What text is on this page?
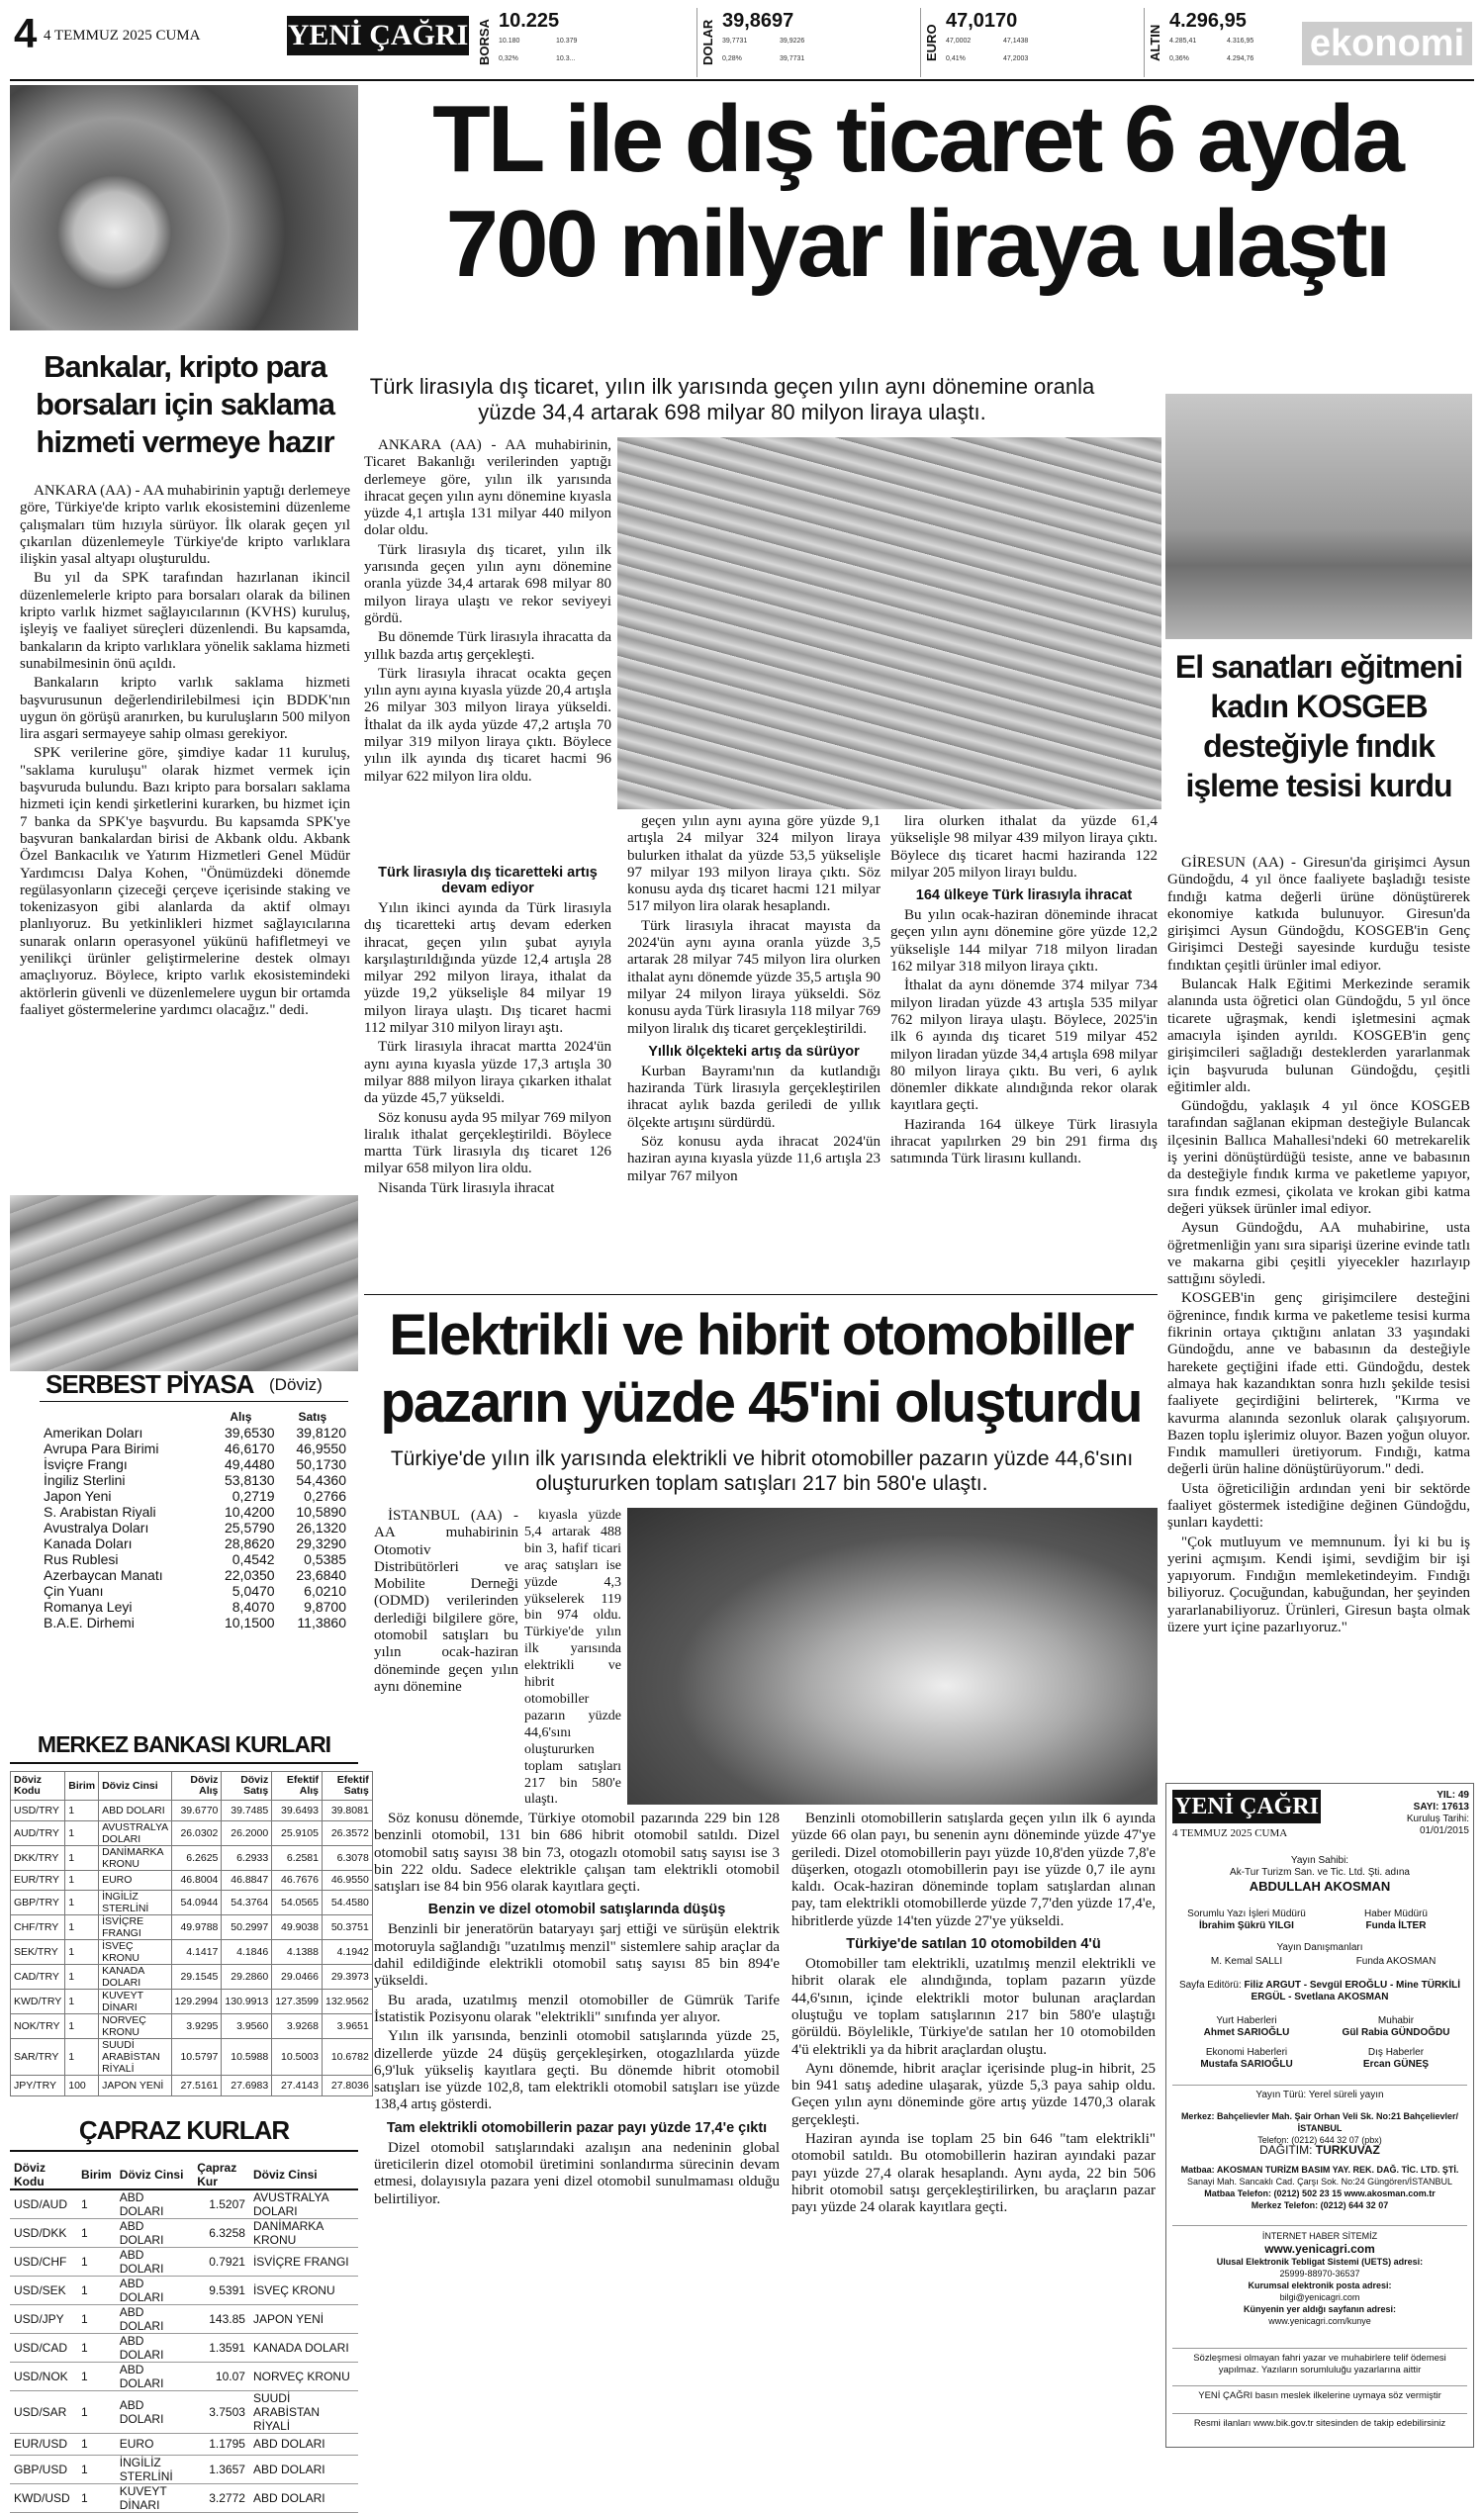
4 4 TEMMUZ 2025 CUMA	YENİ ÇAĞRI BORSA 10.225
10.180	10.379
0,32%	10.3...	DOLAR 39,8697
39,7731	39,9226
0,28%	39,7731	EURO
47,0170
47,0002	47,1438
0,41%	47,2003	ALTIN
4.296,95
4.285,41	4.316,95
0,36%	4.294,76 ekonomi
Bankalar, kripto para borsaları için saklama hizmeti vermeye hazır

ANKARA (AA) - AA muhabirinin yaptığı derlemeye göre, Türkiye'de kripto varlık ekosistemini düzenleme çalışmaları tüm hızıyla sürüyor. İlk olarak geçen yıl çıkarılan düzenlemeyle Türkiye'de kripto varlıklara ilişkin yasal altyapı oluşturuldu.

Bu yıl da SPK tarafından hazırlanan ikincil düzenlemelerle kripto para borsaları olarak da bilinen kripto varlık hizmet sağlayıcılarının (KVHS) kuruluş, işleyiş ve faaliyet süreçleri düzenlendi. Bu kapsamda, bankaların da kripto varlıklara yönelik saklama hizmeti sunabilmesinin önü açıldı.

Bankaların kripto varlık saklama hizmeti başvurusunun değerlendirilebilmesi için BDDK'nın uygun ön görüşü aranırken, bu kuruluşların 500 milyon lira asgari sermayeye sahip olması gerekiyor.

SPK verilerine göre, şimdiye kadar 11 kuruluş, "saklama kuruluşu" olarak hizmet vermek için başvuruda bulundu. Bazı kripto para borsaları saklama hizmeti için kendi şirketlerini kurarken, bu hizmet için 7 banka da SPK'ye başvurdu. Bu kapsamda SPK'ye başvuran bankalardan birisi de Akbank oldu. Akbank Özel Bankacılık ve Yatırım Hizmetleri Genel Müdür Yardımcısı Dalya Kohen, "Önümüzdeki dönemde regülasyonların çizeceği çerçeve içerisinde staking ve tokenizasyon gibi alanlarda da aktif olmayı planlıyoruz. Bu yetkinlikleri hizmet sağlayıcılarına sunarak onların operasyonel yükünü hafifletmeyi ve yenilikçi ürünler geliştirmelerine destek olmayı amaçlıyoruz. Böylece, kripto varlık ekosistemindeki aktörlerin güvenli ve düzenlemelere uygun bir ortamda faaliyet göstermelerine yardımcı olacağız." dedi.

SERBEST PİYASA (Döviz)
	Alış	Satış
Amerikan Doları	39,6530	39,8120
Avrupa Para Birimi	46,6170	46,9550
İsviçre Frangı	49,4480	50,1730
İngiliz Sterlini	53,8130	54,4360
Japon Yeni	0,2719	0,2766
S. Arabistan Riyali	10,4200	10,5890
Avustralya Doları	25,5790	26,1320
Kanada Doları	28,8620	29,3290
Rus Rublesi	0,4542	0,5385
Azerbaycan Manatı	22,0350	23,6840
Çin Yuanı	5,0470	6,0210
Romanya Leyi	8,4070	9,8700
B.A.E. Dirhemi	10,1500	11,3860
TL ile dış ticaret 6 ayda
700 milyar liraya ulaştı
Türk lirasıyla dış ticaret, yılın ilk yarısında geçen yılın aynı dönemine oranla yüzde 34,4 artarak 698 milyar 80 milyon liraya ulaştı.

ANKARA (AA) - AA muhabirinin, Ticaret Bakanlığı verilerinden yaptığı derlemeye göre, yılın ilk yarısında ihracat geçen yılın aynı dönemine kıyasla yüzde 4,1 artışla 131 milyar 440 milyon dolar oldu.

Türk lirasıyla dış ticaret, yılın ilk yarısında geçen yılın aynı dönemine oranla yüzde 34,4 artarak 698 milyar 80 milyon liraya ulaştı ve rekor seviyeyi gördü.

Bu dönemde Türk lirasıyla ihracatta da yıllık bazda artış gerçekleşti.

Türk lirasıyla ihracat ocakta geçen yılın aynı ayına kıyasla yüzde 20,4 artışla 26 milyar 303 milyon liraya yükseldi. İthalat da ilk ayda yüzde 47,2 artışla 70 milyar 319 milyon liraya çıktı. Böylece yılın ilk ayında dış ticaret hacmi 96 milyar 622 milyon lira oldu.

Türk lirasıyla dış ticaretteki artış devam ediyor

Yılın ikinci ayında da Türk lirasıyla dış ticaretteki artış devam ederken ihracat, geçen yılın şubat ayıyla karşılaştırıldığında yüzde 12,4 artışla 28 milyar 292 milyon liraya, ithalat da yüzde 19,2 yükselişle 84 milyar 19 milyon liraya ulaştı. Dış ticaret hacmi 112 milyar 310 milyon lirayı aştı.

Türk lirasıyla ihracat martta 2024'ün aynı ayına kıyasla yüzde 17,3 artışla 30 milyar 888 milyon liraya çıkarken ithalat da yüzde 45,7 yükseldi.

Söz konusu ayda 95 milyar 769 milyon liralık ithalat gerçekleştirildi. Böylece martta Türk lirasıyla dış ticaret 126 milyar 658 milyon lira oldu.

Nisanda Türk lirasıyla ihracat

geçen yılın aynı ayına göre yüzde 9,1 artışla 24 milyar 324 milyon liraya bulurken ithalat da yüzde 53,5 yükselişle 97 milyar 193 milyon liraya çıktı. Söz konusu ayda dış ticaret hacmi 121 milyar 517 milyon lira olarak hesaplandı.

Türk lirasıyla ihracat mayısta da 2024'ün aynı ayına oranla yüzde 3,5 artarak 28 milyar 745 milyon lira olurken ithalat aynı dönemde yüzde 35,5 artışla 90 milyar 24 milyon liraya yükseldi. Söz konusu ayda Türk lirasıyla 118 milyar 769 milyon liralık dış ticaret gerçekleştirildi.

Yıllık ölçekteki artış da sürüyor

Kurban Bayramı'nın da kutlandığı haziranda Türk lirasıyla gerçekleştirilen ihracat aylık bazda geriledi de yıllık ölçekte artışını sürdürdü.

Söz konusu ayda ihracat 2024'ün haziran ayına kıyasla yüzde 11,6 artışla 23 milyar 767 milyon

lira olurken ithalat da yüzde 61,4 yükselişle 98 milyar 439 milyon liraya çıktı. Böylece dış ticaret hacmi haziranda 122 milyar 205 milyon lirayı buldu.

164 ülkeye Türk lirasıyla ihracat

Bu yılın ocak-haziran döneminde ihracat geçen yılın aynı dönemine göre yüzde 12,2 yükselişle 144 milyar 718 milyon liradan 162 milyar 318 milyon liraya çıktı.

İthalat da aynı dönemde 374 milyar 734 milyon liradan yüzde 43 artışla 535 milyar 762 milyon liraya ulaştı. Böylece, 2025'in ilk 6 ayında dış ticaret 519 milyar 452 milyon liradan yüzde 34,4 artışla 698 milyar 80 milyon liraya çıktı. Bu veri, 6 aylık dönemler dikkate alındığında rekor olarak kayıtlara geçti.

Haziranda 164 ülkeye Türk lirasıyla ihracat yapılırken 29 bin 291 firma dış satımında Türk lirasını kullandı.

El sanatları eğitmeni kadın KOSGEB desteğiyle fındık işleme tesisi kurdu

GİRESUN (AA) - Giresun'da girişimci Aysun Gündoğdu, 4 yıl önce faaliyete başladığı tesiste fındığı katma değerli ürüne dönüştürerek ekonomiye katkıda bulunuyor. Giresun'da girişimci Aysun Gündoğdu, KOSGEB'in Genç Girişimci Desteği sayesinde kurduğu tesiste fındıktan çeşitli ürünler imal ediyor.

Bulancak Halk Eğitimi Merkezinde seramik alanında usta öğretici olan Gündoğdu, 5 yıl önce ticarete uğraşmak, kendi işletmesini açmak amacıyla işinden ayrıldı. KOSGEB'in genç girişimcileri sağladığı desteklerden yararlanmak için başvuruda bulunan Gündoğdu, çeşitli eğitimler aldı.

Gündoğdu, yaklaşık 4 yıl önce KOSGEB tarafından sağlanan ekipman desteğiyle Bulancak ilçesinin Ballıca Mahallesi'ndeki 60 metrekarelik iş yerini dönüştürdüğü tesiste, anne ve babasının da desteğiyle fındık kırma ve paketleme yapıyor, sıra fındık ezmesi, çikolata ve krokan gibi katma değeri yüksek ürünler imal ediyor.

Aysun Gündoğdu, AA muhabirine, usta öğretmenliğin yanı sıra siparişi üzerine evinde tatlı ve makarna gibi çeşitli yiyecekler hazırlayıp sattığını söyledi.

KOSGEB'in genç girişimcilere desteğini öğrenince, fındık kırma ve paketleme tesisi kurma fikrinin ortaya çıktığını anlatan 33 yaşındaki Gündoğdu, anne ve babasının da desteğiyle harekete geçtiğini ifade etti. Gündoğdu, destek almaya hak kazandıktan sonra hızlı şekilde tesisi faaliyete geçirdiğini belirterek, "Kırma ve kavurma alanında sezonluk olarak çalışıyorum. Bazen toplu işlerimiz oluyor. Bazen yoğun oluyor. Fındık mamulleri üretiyorum. Fındığı, katma değerli ürün haline dönüştürüyorum." dedi.

Usta öğreticiliğin ardından yeni bir sektörde faaliyet göstermek istediğine değinen Gündoğdu, şunları kaydetti:

"Çok mutluyum ve memnunum. İyi ki bu iş yerini açmışım. Kendi işimi, sevdiğim bir işi yapıyorum. Fındığın memleketindeyim. Fındığı biliyoruz. Çocuğundan, kabuğundan, her şeyinden yararlanabiliyoruz. Ürünleri, Giresun başta olmak üzere yurt içine pazarlıyoruz."

Elektrikli ve hibrit otomobiller
pazarın yüzde 45'ini oluşturdu
Türkiye'de yılın ilk yarısında elektrikli ve hibrit otomobiller pazarın yüzde 44,6'sını oluştururken toplam satışları 217 bin 580'e ulaştı.

İSTANBUL (AA) - AA muhabirinin Otomotiv Distribütörleri ve Mobilite Derneği (ODMD) verilerinden derlediği bilgilere göre, otomobil satışları bu yılın ocak-haziran döneminde geçen yılın aynı dönemine

kıyasla yüzde 5,4 artarak 488 bin 3, hafif ticari araç satışları ise yüzde 4,3 yükselerek 119 bin 974 oldu. Türkiye'de yılın ilk yarısında elektrikli ve hibrit otomobiller pazarın yüzde 44,6'sını oluştururken toplam satışları 217 bin 580'e ulaştı.

Söz konusu dönemde, Türkiye otomobil pazarında 229 bin 128 benzinli otomobil, 131 bin 686 hibrit otomobil satıldı. Dizel otomobil satış sayısı 38 bin 73, otogazlı otomobil satış sayısı ise 3 bin 222 oldu. Sadece elektrikle çalışan tam elektrikli otomobil satışları ise 84 bin 956 olarak kayıtlara geçti.

Benzin ve dizel otomobil satışlarında düşüş

Benzinli bir jeneratörün bataryayı şarj ettiği ve sürüşün elektrik motoruyla sağlandığı "uzatılmış menzil" sistemlere sahip araçlar da dahil edildiğinde elektrikli otomobil satış sayısı 85 bin 894'e yükseldi.

Bu arada, uzatılmış menzil otomobiller de Gümrük Tarife İstatistik Pozisyonu olarak "elektrikli" sınıfında yer alıyor.

Yılın ilk yarısında, benzinli otomobil satışlarında yüzde 25, dizellerde yüzde 24 düşüş gerçekleşirken, otogazlılarda yüzde 6,9'luk yükseliş kayıtlara geçti. Bu dönemde hibrit otomobil satışları ise yüzde 102,8, tam elektrikli otomobil satışları ise yüzde 138,4 artış gösterdi.

Tam elektrikli otomobillerin pazar payı yüzde 17,4'e çıktı

Dizel otomobil satışlarındaki azalışın ana nedeninin global üreticilerin dizel otomobil üretimini sonlandırma sürecinin devam etmesi, dolayısıyla pazara yeni dizel otomobil sunulmaması olduğu belirtiliyor.

Benzinli otomobillerin satışlarda geçen yılın ilk 6 ayında yüzde 66 olan payı, bu senenin aynı döneminde yüzde 47'ye geriledi. Dizel otomobillerin payı yüzde 10,8'den yüzde 7,8'e düşerken, otogazlı otomobillerin payı ise yüzde 0,7 ile aynı kaldı. Ocak-haziran döneminde toplam satışlardan alınan pay, tam elektrikli otomobillerde yüzde 7,7'den yüzde 17,4'e, hibritlerde yüzde 14'ten yüzde 27'ye yükseldi.

Türkiye'de satılan 10 otomobilden 4'ü

Otomobiller tam elektrikli, uzatılmış menzil elektrikli ve hibrit olarak ele alındığında, toplam pazarın yüzde 44,6'sının, içinde elektrikli motor bulunan araçlardan oluştuğu ve toplam satışlarının 217 bin 580'e ulaştığı görüldü. Böylelikle, Türkiye'de satılan her 10 otomobilden 4'ü elektrikli ya da hibrit araçlardan oluştu.

Aynı dönemde, hibrit araçlar içerisinde plug-in hibrit, 25 bin 941 satış adedine ulaşarak, yüzde 5,3 paya sahip oldu. Geçen yılın aynı döneminde göre artış yüzde 1470,3 olarak gerçekleşti.

Haziran ayında ise toplam 25 bin 646 "tam elektrikli" otomobil satıldı. Bu otomobillerin haziran ayındaki pazar payı yüzde 27,4 olarak hesaplandı. Aynı ayda, 22 bin 506 hibrit otomobil satışı gerçekleştirilirken, bu araçların pazar payı yüzde 24 olarak kayıtlara geçti.

MERKEZ BANKASI KURLARI
Döviz Kodu	Birim	Döviz Cinsi	Döviz Alış	Döviz Satış	Efektif Alış	Efektif Satış
USD/TRY	1	ABD DOLARI	39.6770	39.7485	39.6493	39.8081
AUD/TRY	1	AVUSTRALYA DOLARI	26.0302	26.2000	25.9105	26.3572
DKK/TRY	1	DANİMARKA KRONU	6.2625	6.2933	6.2581	6.3078
EUR/TRY	1	EURO	46.8004	46.8847	46.7676	46.9550
GBP/TRY	1	İNGİLİZ STERLİNİ	54.0944	54.3764	54.0565	54.4580
CHF/TRY	1	İSVİÇRE FRANGI	49.9788	50.2997	49.9038	50.3751
SEK/TRY	1	İSVEÇ KRONU	4.1417	4.1846	4.1388	4.1942
CAD/TRY	1	KANADA DOLARI	29.1545	29.2860	29.0466	29.3973
KWD/TRY	1	KUVEYT DİNARI	129.2994	130.9913	127.3599	132.9562
NOK/TRY	1	NORVEÇ KRONU	3.9295	3.9560	3.9268	3.9651
SAR/TRY	1	SUUDİ ARABİSTAN RİYALİ	10.5797	10.5988	10.5003	10.6782
JPY/TRY	100	JAPON YENİ	27.5161	27.6983	27.4143	27.8036
ÇAPRAZ KURLAR
Döviz Kodu	Birim	Döviz Cinsi	Çapraz Kur	Döviz Cinsi
USD/AUD	1	ABD DOLARI	1.5207	AVUSTRALYA DOLARI
USD/DKK	1	ABD DOLARI	6.3258	DANİMARKA KRONU
USD/CHF	1	ABD DOLARI	0.7921	İSVİÇRE FRANGI
USD/SEK	1	ABD DOLARI	9.5391	İSVEÇ KRONU
USD/JPY	1	ABD DOLARI	143.85	JAPON YENİ
USD/CAD	1	ABD DOLARI	1.3591	KANADA DOLARI
USD/NOK	1	ABD DOLARI	10.07	NORVEÇ KRONU
USD/SAR	1	ABD DOLARI	3.7503	SUUDİ ARABİSTAN RİYALİ
EUR/USD	1	EURO	1.1795	ABD DOLARI
GBP/USD	1	İNGİLİZ STERLİNİ	1.3657	ABD DOLARI
KWD/USD	1	KUVEYT DİNARI	3.2772	ABD DOLARI
YENİ ÇAĞRI
4 TEMMUZ 2025 CUMA
YIL: 49
SAYI: 17613
Kuruluş Tarihi:
01/01/2015
Yayın Sahibi:
Ak-Tur Turizm San. ve Tic. Ltd. Şti. adına
ABDULLAH AKOSMAN
Sorumlu Yazı İşleri Müdürü
İbrahim Şükrü YILGI
Haber Müdürü
Funda İLTER
Yayın Danışmanları
M. Kemal SALLI	Funda AKOSMAN
Sayfa Editörü: Filiz ARGUT - Sevgül EROĞLU - Mine TÜRKİLİ ERGÜL - Svetlana AKOSMAN
Yurt Haberleri
Ahmet SARIOĞLU
Muhabir
Gül Rabia GÜNDOĞDU
Ekonomi Haberleri
Mustafa SARIOĞLU
Dış Haberler
Ercan GÜNEŞ
Yayın Türü: Yerel süreli yayın
Merkez: Bahçelievler Mah. Şair Orhan Veli Sk. No:21 Bahçelievler/İSTANBUL
Telefon: (0212) 644 32 07 (pbx)
DAĞITIM: TURKUVAZ
Matbaa: AKOSMAN TURİZM BASIM YAY. REK. DAĞ. TİC. LTD. ŞTİ.
Sanayi Mah. Sancaklı Cad. Çarşı Sok. No:24 Güngören/İSTANBUL
Matbaa Telefon: (0212) 502 23 15 www.akosman.com.tr
Merkez Telefon: (0212) 644 32 07
İNTERNET HABER SİTEMİZ
www.yenicagri.com
Ulusal Elektronik Tebligat Sistemi (UETS) adresi:
25999-88970-36537
Kurumsal elektronik posta adresi:
bilgi@yenicagri.com
Künyenin yer aldığı sayfanın adresi:
www.yenicagri.com/kunye
Sözleşmesi olmayan fahri yazar ve muhabirlere telif ödemesi yapılmaz. Yazıların sorumluluğu yazarlarına aittir
YENİ ÇAĞRI basın meslek ilkelerine uymaya söz vermiştir
Resmi ilanları www.bik.gov.tr sitesinden de takip edebilirsiniz
